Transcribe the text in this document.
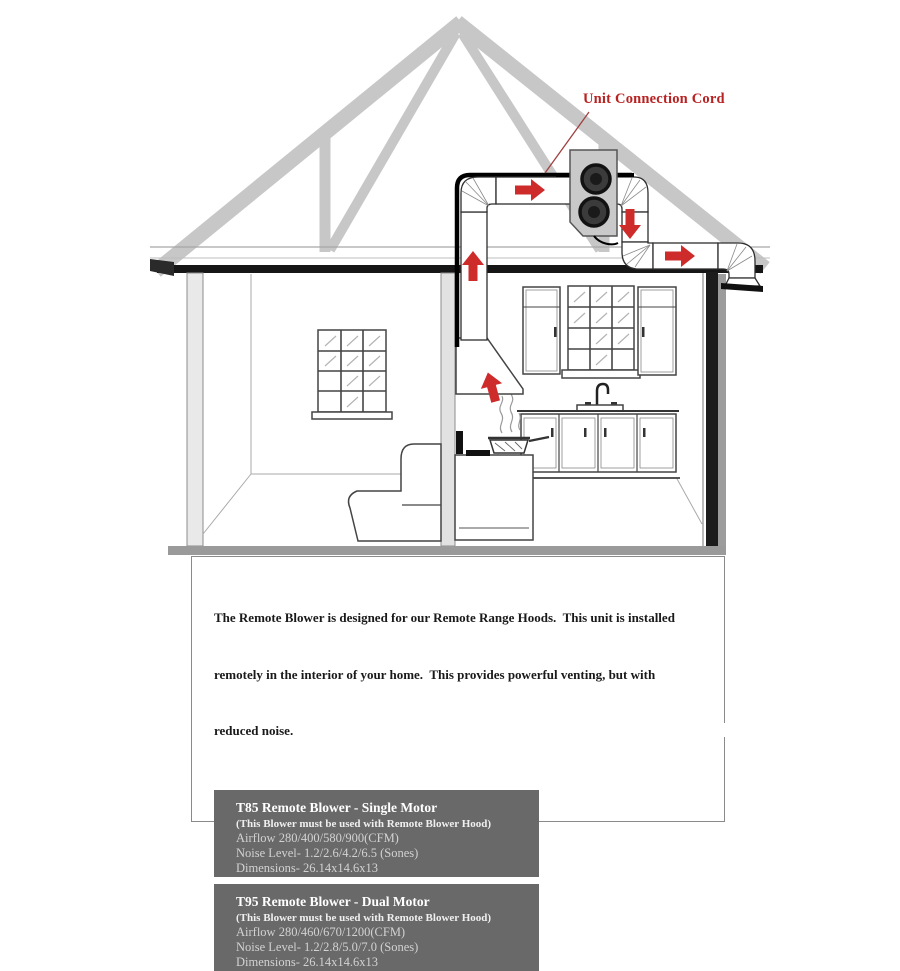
Unit Connection Cord

The Remote Blower is designed for our Remote Range Hoods.  This unit is installed

remotely in the interior of your home.  This provides powerful venting, but with

reduced noise.

T85 Remote Blower - Single Motor
(This Blower must be used with Remote Blower Hood)
Airflow 280/400/580/900(CFM)
Noise Level- 1.2/2.6/4.2/6.5 (Sones)
Dimensions- 26.14x14.6x13
T95 Remote Blower - Dual Motor
(This Blower must be used with Remote Blower Hood)
Airflow 280/460/670/1200(CFM)
Noise Level- 1.2/2.8/5.0/7.0 (Sones)
Dimensions- 26.14x14.6x13
